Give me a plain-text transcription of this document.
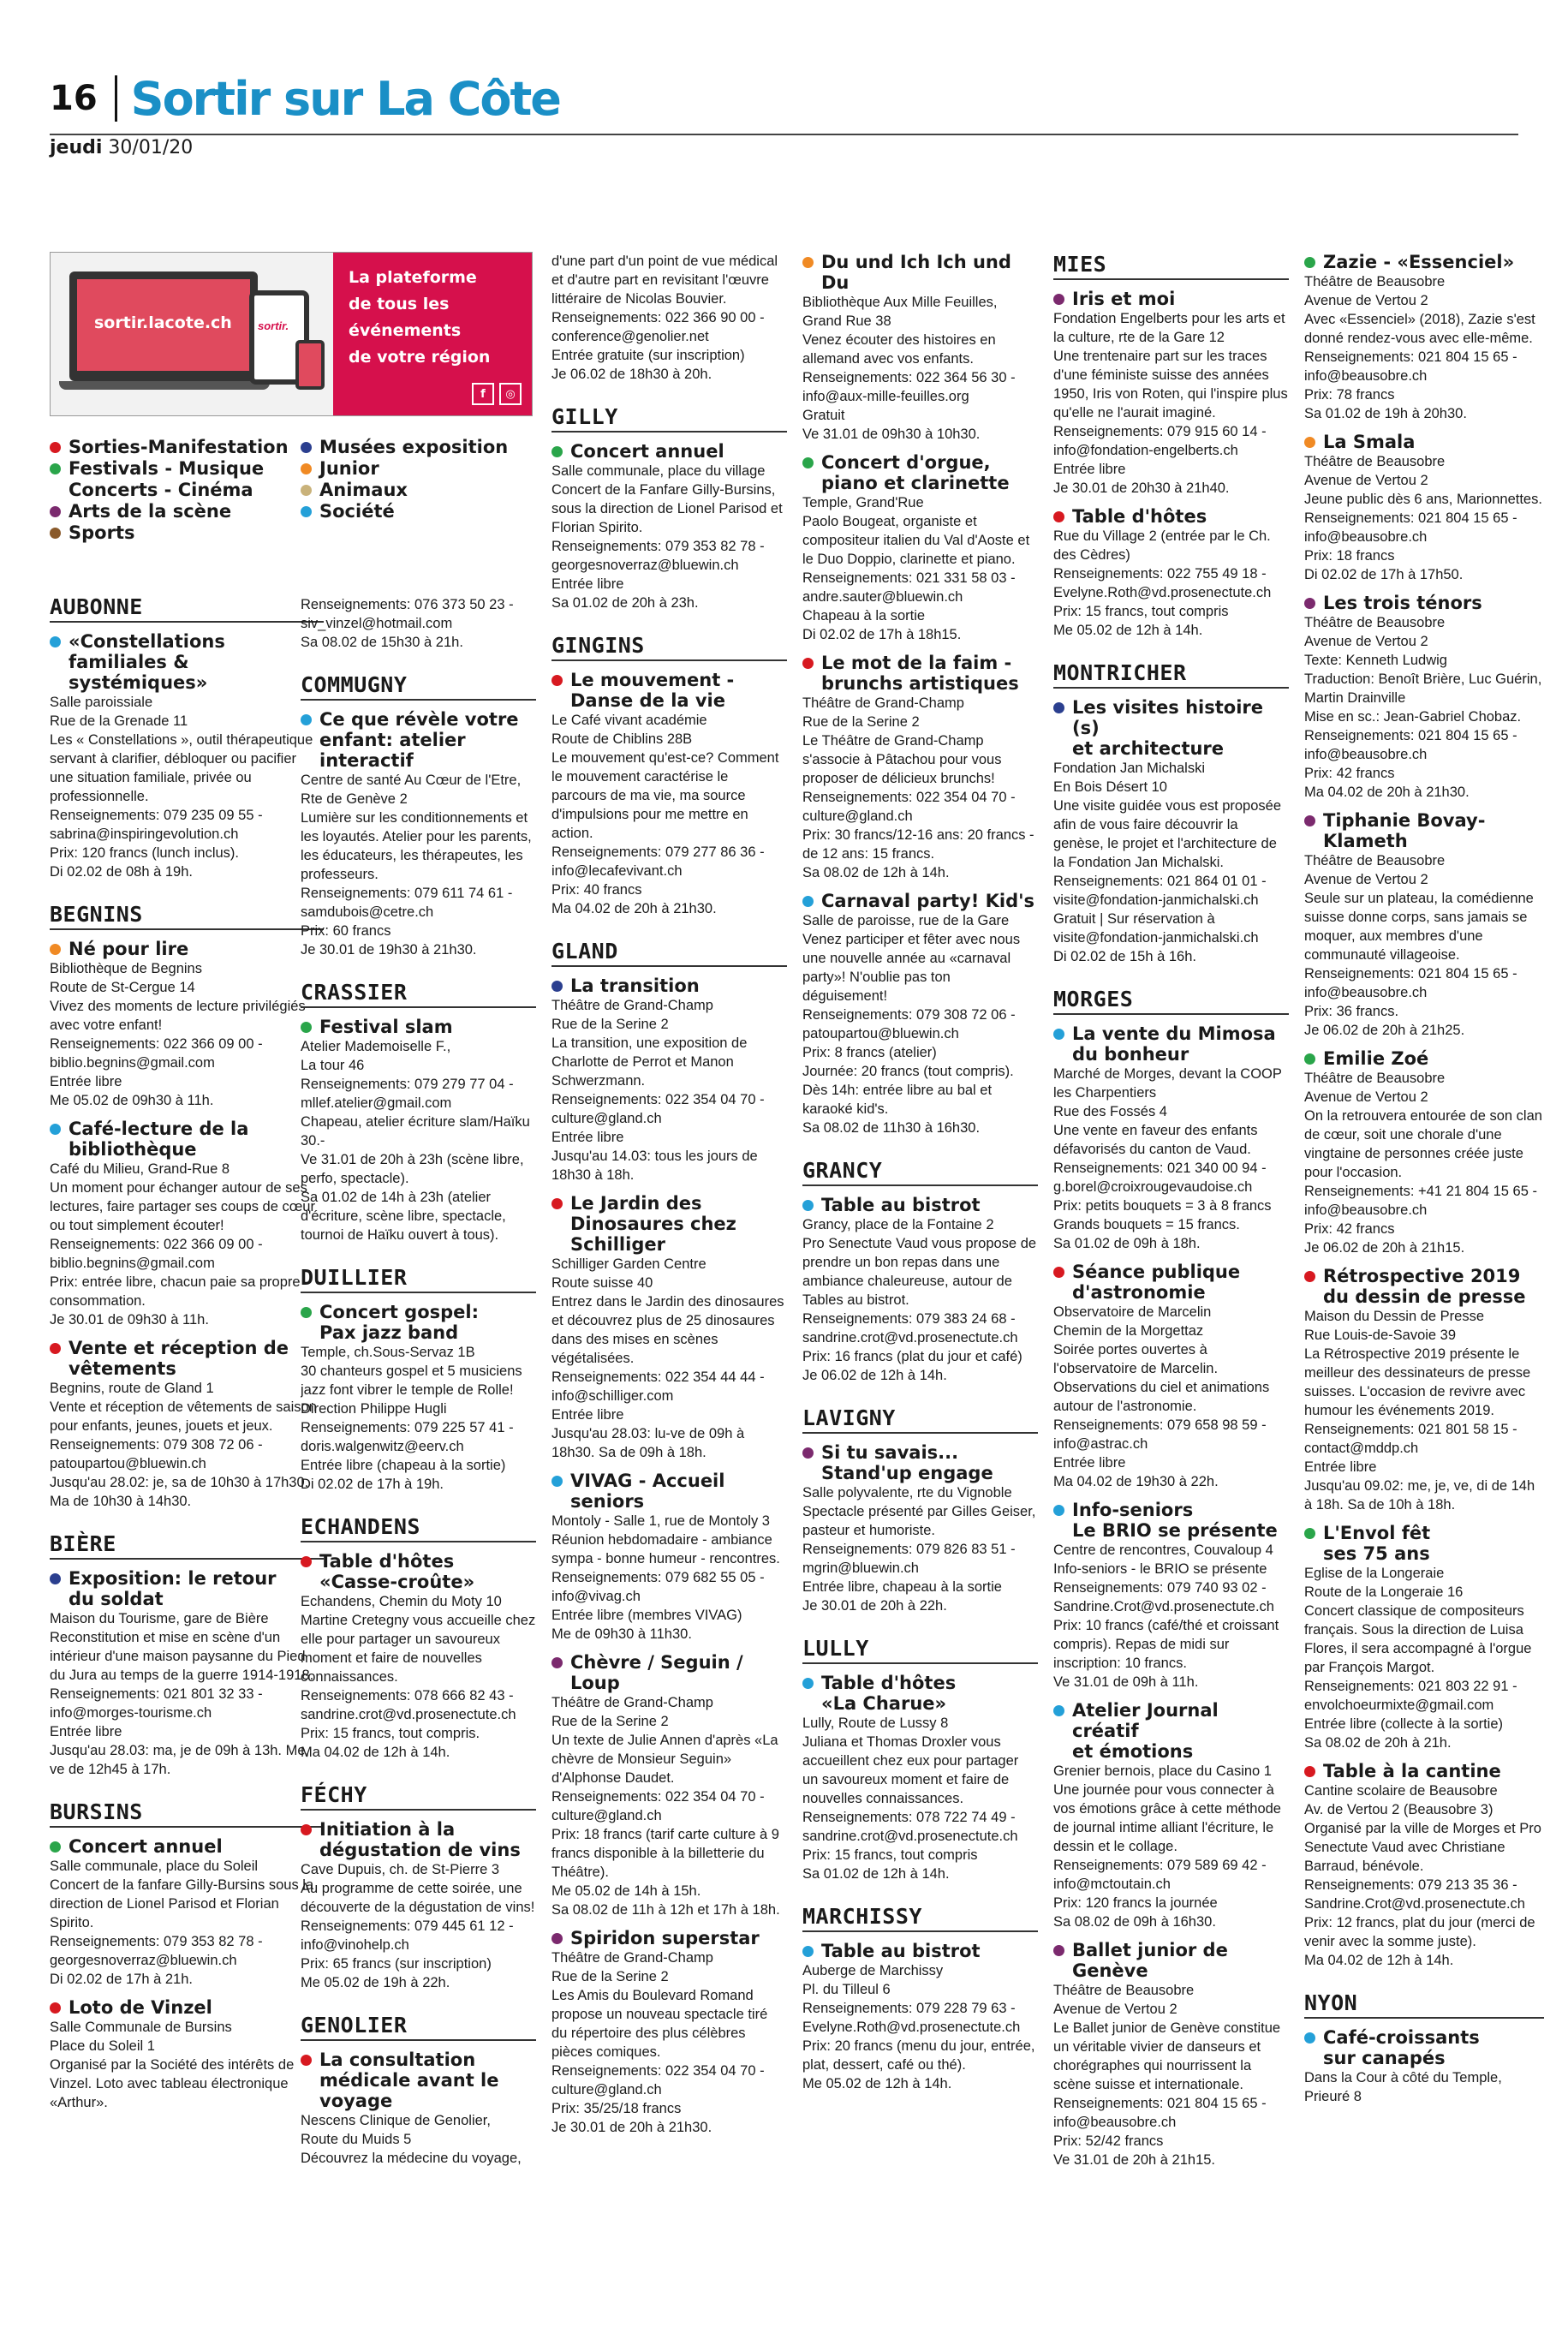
16 Sortir sur La Côte
jeudi 30/01/20
sortir.lacote.ch sortir.
La plateforme
de tous les
événements
de votre région
f	◎
Sorties-Manifestation
Festivals - Musique
Concerts - Cinéma
Arts de la scène
Sports
Musées exposition
Junior
Animaux
Société
AUBONNE
«Constellations
familiales &
systémiques»
Salle paroissiale
Rue de la Grenade 11
Les « Constellations », outil thérapeutique servant à clarifier, débloquer ou pacifier une situation familiale, privée ou professionnelle.
Renseignements: 079 235 09 55 - sabrina@inspiringevolution.ch
Prix: 120 francs (lunch inclus).
Di 02.02 de 08h à 19h.
BEGNINS
Né pour lire
Bibliothèque de Begnins
Route de St-Cergue 14
Vivez des moments de lecture privilégiés avec votre enfant!
Renseignements: 022 366 09 00 - biblio.begnins@gmail.com
Entrée libre
Me 05.02 de 09h30 à 11h.
Café-lecture de la
bibliothèque
Café du Milieu, Grand-Rue 8
Un moment pour échanger autour de ses lectures, faire partager ses coups de cœur ou tout simplement écouter!
Renseignements: 022 366 09 00 - biblio.begnins@gmail.com
Prix: entrée libre, chacun paie sa propre consommation.
Je 30.01 de 09h30 à 11h.
Vente et réception de
vêtements
Begnins, route de Gland 1
Vente et réception de vêtements de saison pour enfants, jeunes, jouets et jeux.
Renseignements: 079 308 72 06 - patoupartou@bluewin.ch
Jusqu'au 28.02: je, sa de 10h30 à 17h30. Ma de 10h30 à 14h30.
BIÈRE
Exposition: le retour
du soldat
Maison du Tourisme, gare de Bière
Reconstitution et mise en scène d'un intérieur d'une maison paysanne du Pied du Jura au temps de la guerre 1914-1918.
Renseignements: 021 801 32 33 - info@morges-tourisme.ch
Entrée libre
Jusqu'au 28.03: ma, je de 09h à 13h. Me, ve de 12h45 à 17h.
BURSINS
Concert annuel
Salle communale, place du Soleil
Concert de la fanfare Gilly-Bursins sous la direction de Lionel Parisod et Florian Spirito.
Renseignements: 079 353 82 78 - georgesnoverraz@bluewin.ch
Di 02.02 de 17h à 21h.
Loto de Vinzel
Salle Communale de Bursins
Place du Soleil 1
Organisé par la Société des intérêts de Vinzel. Loto avec tableau électronique «Arthur».
Renseignements: 076 373 50 23 - siv_vinzel@hotmail.com
Sa 08.02 de 15h30 à 21h.
COMMUGNY
Ce que révèle votre
enfant: atelier
interactif
Centre de santé Au Cœur de l'Etre, Rte de Genève 2
Lumière sur les conditionnements et les loyautés. Atelier pour les parents, les éducateurs, les thérapeutes, les professeurs.
Renseignements: 079 611 74 61 - samdubois@cetre.ch
Prix: 60 francs
Je 30.01 de 19h30 à 21h30.
CRASSIER
Festival slam
Atelier Mademoiselle F.,
La tour 46
Renseignements: 079 279 77 04 - mllef.atelier@gmail.com
Chapeau, atelier écriture slam/Haïku 30.-
Ve 31.01 de 20h à 23h (scène libre, perfo, spectacle).
Sa 01.02 de 14h à 23h (atelier d'écriture, scène libre, spectacle, tournoi de Haïku ouvert à tous).
DUILLIER
Concert gospel:
Pax jazz band
Temple, ch.Sous-Servaz 1B
30 chanteurs gospel et 5 musiciens jazz font vibrer le temple de Rolle!
Direction Philippe Hugli
Renseignements: 079 225 57 41 - doris.walgenwitz@eerv.ch
Entrée libre (chapeau à la sortie)
Di 02.02 de 17h à 19h.
ECHANDENS
Table d'hôtes
«Casse-croûte»
Echandens, Chemin du Moty 10
Martine Cretegny vous accueille chez elle pour partager un savoureux moment et faire de nouvelles connaissances.
Renseignements: 078 666 82 43 - sandrine.crot@vd.prosenectute.ch
Prix: 15 francs, tout compris.
Ma 04.02 de 12h à 14h.
FÉCHY
Initiation à la
dégustation de vins
Cave Dupuis, ch. de St-Pierre 3
Au programme de cette soirée, une découverte de la dégustation de vins!
Renseignements: 079 445 61 12 - info@vinohelp.ch
Prix: 65 francs (sur inscription)
Me 05.02 de 19h à 22h.
GENOLIER
La consultation
médicale avant le
voyage
Nescens Clinique de Genolier,
Route du Muids 5
Découvrez la médecine du voyage,
d'une part d'un point de vue médical et d'autre part en revisitant l'œuvre littéraire de Nicolas Bouvier.
Renseignements: 022 366 90 00 - conference@genolier.net
Entrée gratuite (sur inscription)
Je 06.02 de 18h30 à 20h.
GILLY
Concert annuel
Salle communale, place du village
Concert de la Fanfare Gilly-Bursins, sous la direction de Lionel Parisod et Florian Spirito.
Renseignements: 079 353 82 78 - georgesnoverraz@bluewin.ch
Entrée libre
Sa 01.02 de 20h à 23h.
GINGINS
Le mouvement -
Danse de la vie
Le Café vivant académie
Route de Chiblins 28B
Le mouvement qu'est-ce? Comment le mouvement caractérise le parcours de ma vie, ma source d'impulsions pour me mettre en action.
Renseignements: 079 277 86 36 - info@lecafevivant.ch
Prix: 40 francs
Ma 04.02 de 20h à 21h30.
GLAND
La transition
Théâtre de Grand-Champ
Rue de la Serine 2
La transition, une exposition de Charlotte de Perrot et Manon Schwerzmann.
Renseignements: 022 354 04 70 - culture@gland.ch
Entrée libre
Jusqu'au 14.03: tous les jours de 18h30 à 18h.
Le Jardin des
Dinosaures chez
Schilliger
Schilliger Garden Centre
Route suisse 40
Entrez dans le Jardin des dinosaures et découvrez plus de 25 dinosaures dans des mises en scènes végétalisées.
Renseignements: 022 354 44 44 - info@schilliger.com
Entrée libre
Jusqu'au 28.03: lu-ve de 09h à 18h30. Sa de 09h à 18h.
VIVAG - Accueil
seniors
Montoly - Salle 1, rue de Montoly 3
Réunion hebdomadaire - ambiance sympa - bonne humeur - rencontres.
Renseignements: 079 682 55 05 - info@vivag.ch
Entrée libre (membres VIVAG)
Me de 09h30 à 11h30.
Chèvre / Seguin /
Loup
Théâtre de Grand-Champ
Rue de la Serine 2
Un texte de Julie Annen d'après «La chèvre de Monsieur Seguin» d'Alphonse Daudet.
Renseignements: 022 354 04 70 - culture@gland.ch
Prix: 18 francs (tarif carte culture à 9 francs disponible à la billetterie du Théâtre).
Me 05.02 de 14h à 15h.
Sa 08.02 de 11h à 12h et 17h à 18h.
Spiridon superstar
Théâtre de Grand-Champ
Rue de la Serine 2
Les Amis du Boulevard Romand propose un nouveau spectacle tiré du répertoire des plus célèbres pièces comiques.
Renseignements: 022 354 04 70 - culture@gland.ch
Prix: 35/25/18 francs
Je 30.01 de 20h à 21h30.
Du und Ich Ich und Du
Bibliothèque Aux Mille Feuilles, Grand Rue 38
Venez écouter des histoires en allemand avec vos enfants.
Renseignements: 022 364 56 30 - info@aux-mille-feuilles.org
Gratuit
Ve 31.01 de 09h30 à 10h30.
Concert d'orgue,
piano et clarinette
Temple, Grand'Rue
Paolo Bougeat, organiste et compositeur italien du Val d'Aoste et le Duo Doppio, clarinette et piano.
Renseignements: 021 331 58 03 - andre.sauter@bluewin.ch
Chapeau à la sortie
Di 02.02 de 17h à 18h15.
Le mot de la faim -
brunchs artistiques
Théâtre de Grand-Champ
Rue de la Serine 2
Le Théâtre de Grand-Champ s'associe à Pâtachou pour vous proposer de délicieux brunchs!
Renseignements: 022 354 04 70 - culture@gland.ch
Prix: 30 francs/12-16 ans: 20 francs - de 12 ans: 15 francs.
Sa 08.02 de 12h à 14h.
Carnaval party! Kid's
Salle de paroisse, rue de la Gare
Venez participer et fêter avec nous une nouvelle année au «carnaval party»! N'oublie pas ton déguisement!
Renseignements: 079 308 72 06 - patoupartou@bluewin.ch
Prix: 8 francs (atelier)
Journée: 20 francs (tout compris).
Dès 14h: entrée libre au bal et karaoké kid's.
Sa 08.02 de 11h30 à 16h30.
GRANCY
Table au bistrot
Grancy, place de la Fontaine 2
Pro Senectute Vaud vous propose de prendre un bon repas dans une ambiance chaleureuse, autour de Tables au bistrot.
Renseignements: 079 383 24 68 - sandrine.crot@vd.prosenectute.ch
Prix: 16 francs (plat du jour et café)
Je 06.02 de 12h à 14h.
LAVIGNY
Si tu savais...
Stand'up engage
Salle polyvalente, rte du Vignoble
Spectacle présenté par Gilles Geiser, pasteur et humoriste.
Renseignements: 079 826 83 51 - mgrin@bluewin.ch
Entrée libre, chapeau à la sortie
Je 30.01 de 20h à 22h.
LULLY
Table d'hôtes
«La Charue»
Lully, Route de Lussy 8
Juliana et Thomas Droxler vous accueillent chez eux pour partager un savoureux moment et faire de nouvelles connaissances.
Renseignements: 078 722 74 49 - sandrine.crot@vd.prosenectute.ch
Prix: 15 francs, tout compris
Sa 01.02 de 12h à 14h.
MARCHISSY
Table au bistrot
Auberge de Marchissy
Pl. du Tilleul 6
Renseignements: 079 228 79 63 - Evelyne.Roth@vd.prosenectute.ch
Prix: 20 francs (menu du jour, entrée, plat, dessert, café ou thé).
Me 05.02 de 12h à 14h.
MIES
Iris et moi
Fondation Engelberts pour les arts et la culture, rte de la Gare 12
Une trentenaire part sur les traces d'une féministe suisse des années 1950, Iris von Roten, qui l'inspire plus qu'elle ne l'aurait imaginé.
Renseignements: 079 915 60 14 - info@fondation-engelberts.ch
Entrée libre
Je 30.01 de 20h30 à 21h40.
Table d'hôtes
Rue du Village 2 (entrée par le Ch. des Cèdres)
Renseignements: 022 755 49 18 - Evelyne.Roth@vd.prosenectute.ch
Prix: 15 francs, tout compris
Me 05.02 de 12h à 14h.
MONTRICHER
Les visites histoire (s)
et architecture
Fondation Jan Michalski
En Bois Désert 10
Une visite guidée vous est proposée afin de vous faire découvrir la genèse, le projet et l'architecture de la Fondation Jan Michalski.
Renseignements: 021 864 01 01 - visite@fondation-janmichalski.ch
Gratuit | Sur réservation à visite@fondation-janmichalski.ch
Di 02.02 de 15h à 16h.
MORGES
La vente du Mimosa
du bonheur
Marché de Morges, devant la COOP les Charpentiers
Rue des Fossés 4
Une vente en faveur des enfants défavorisés du canton de Vaud.
Renseignements: 021 340 00 94 - g.borel@croixrougevaudoise.ch
Prix: petits bouquets = 3 à 8 francs
Grands bouquets = 15 francs.
Sa 01.02 de 09h à 18h.
Séance publique
d'astronomie
Observatoire de Marcelin
Chemin de la Morgettaz
Soirée portes ouvertes à l'observatoire de Marcelin. Observations du ciel et animations autour de l'astronomie.
Renseignements: 079 658 98 59 - info@astrac.ch
Entrée libre
Ma 04.02 de 19h30 à 22h.
Info-seniors
Le BRIO se présente
Centre de rencontres, Couvaloup 4
Info-seniors - le BRIO se présente
Renseignements: 079 740 93 02 - Sandrine.Crot@vd.prosenectute.ch
Prix: 10 francs (café/thé et croissant compris). Repas de midi sur inscription: 10 francs.
Ve 31.01 de 09h à 11h.
Atelier Journal créatif
et émotions
Grenier bernois, place du Casino 1
Une journée pour vous connecter à vos émotions grâce à cette méthode de journal intime alliant l'écriture, le dessin et le collage.
Renseignements: 079 589 69 42 - info@mctoutain.ch
Prix: 120 francs la journée
Sa 08.02 de 09h à 16h30.
Ballet junior de
Genève
Théâtre de Beausobre
Avenue de Vertou 2
Le Ballet junior de Genève constitue un véritable vivier de danseurs et chorégraphes qui nourrissent la scène suisse et internationale.
Renseignements: 021 804 15 65 - info@beausobre.ch
Prix: 52/42 francs
Ve 31.01 de 20h à 21h15.
Zazie - «Essenciel»
Théâtre de Beausobre
Avenue de Vertou 2
Avec «Essenciel» (2018), Zazie s'est donné rendez-vous avec elle-même.
Renseignements: 021 804 15 65 - info@beausobre.ch
Prix: 78 francs
Sa 01.02 de 19h à 20h30.
La Smala
Théâtre de Beausobre
Avenue de Vertou 2
Jeune public dès 6 ans, Marionnettes.
Renseignements: 021 804 15 65 - info@beausobre.ch
Prix: 18 francs
Di 02.02 de 17h à 17h50.
Les trois ténors
Théâtre de Beausobre
Avenue de Vertou 2
Texte: Kenneth Ludwig
Traduction: Benoît Brière, Luc Guérin, Martin Drainville
Mise en sc.: Jean-Gabriel Chobaz.
Renseignements: 021 804 15 65 - info@beausobre.ch
Prix: 42 francs
Ma 04.02 de 20h à 21h30.
Tiphanie Bovay-
Klameth
Théâtre de Beausobre
Avenue de Vertou 2
Seule sur un plateau, la comédienne suisse donne corps, sans jamais se moquer, aux membres d'une communauté villageoise.
Renseignements: 021 804 15 65 - info@beausobre.ch
Prix: 36 francs.
Je 06.02 de 20h à 21h25.
Emilie Zoé
Théâtre de Beausobre
Avenue de Vertou 2
On la retrouvera entourée de son clan de cœur, soit une chorale d'une vingtaine de personnes créée juste pour l'occasion.
Renseignements: +41 21 804 15 65 - info@beausobre.ch
Prix: 42 francs
Je 06.02 de 20h à 21h15.
Rétrospective 2019
du dessin de presse
Maison du Dessin de Presse
Rue Louis-de-Savoie 39
La Rétrospective 2019 présente le meilleur des dessinateurs de presse suisses. L'occasion de revivre avec humour les événements 2019.
Renseignements: 021 801 58 15 - contact@mddp.ch
Entrée libre
Jusqu'au 09.02: me, je, ve, di de 14h à 18h. Sa de 10h à 18h.
L'Envol fêt
ses 75 ans
Eglise de la Longeraie
Route de la Longeraie 16
Concert classique de compositeurs français. Sous la direction de Luisa Flores, il sera accompagné à l'orgue par François Margot.
Renseignements: 021 803 22 91 - envolchoeurmixte@gmail.com
Entrée libre (collecte à la sortie)
Sa 08.02 de 20h à 21h.
Table à la cantine
Cantine scolaire de Beausobre
Av. de Vertou 2 (Beausobre 3)
Organisé par la ville de Morges et Pro Senectute Vaud avec Christiane Barraud, bénévole.
Renseignements: 079 213 35 36 - Sandrine.Crot@vd.prosenectute.ch
Prix: 12 francs, plat du jour (merci de venir avec la somme juste).
Ma 04.02 de 12h à 14h.
NYON
Café-croissants
sur canapés
Dans la Cour à côté du Temple, Prieuré 8
